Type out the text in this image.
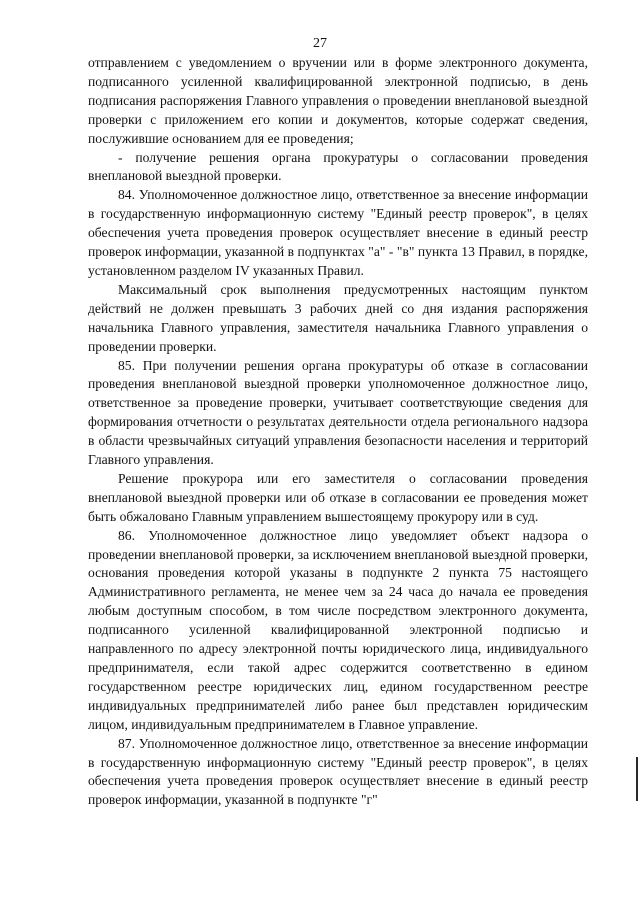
27

отправлением с уведомлением о вручении или в форме электронного документа, подписанного усиленной квалифицированной электронной подписью, в день подписания распоряжения Главного управления о проведении внеплановой выездной проверки с приложением его копии и документов, которые содержат сведения, послужившие основанием для ее проведения;

- получение решения органа прокуратуры о согласовании проведения внеплановой выездной проверки.

84. Уполномоченное должностное лицо, ответственное за внесение информации в государственную информационную систему "Единый реестр проверок", в целях обеспечения учета проведения проверок осуществляет внесение в единый реестр проверок информации, указанной в подпунктах "а" - "в" пункта 13 Правил, в порядке, установленном разделом IV указанных Правил.

Максимальный срок выполнения предусмотренных настоящим пунктом действий не должен превышать 3 рабочих дней со дня издания распоряжения начальника Главного управления, заместителя начальника Главного управления о проведении проверки.

85. При получении решения органа прокуратуры об отказе в согласовании проведения внеплановой выездной проверки уполномоченное должностное лицо, ответственное за проведение проверки, учитывает соответствующие сведения для формирования отчетности о результатах деятельности отдела регионального надзора в области чрезвычайных ситуаций управления безопасности населения и территорий Главного управления.

Решение прокурора или его заместителя о согласовании проведения внеплановой выездной проверки или об отказе в согласовании ее проведения может быть обжаловано Главным управлением вышестоящему прокурору или в суд.

86. Уполномоченное должностное лицо уведомляет объект надзора о проведении внеплановой проверки, за исключением внеплановой выездной проверки, основания проведения которой указаны в подпункте 2 пункта 75 настоящего Административного регламента, не менее чем за 24 часа до начала ее проведения любым доступным способом, в том числе посредством электронного документа, подписанного усиленной квалифицированной электронной подписью и направленного по адресу электронной почты юридического лица, индивидуального предпринимателя, если такой адрес содержится соответственно в едином государственном реестре юридических лиц, едином государственном реестре индивидуальных предпринимателей либо ранее был представлен юридическим лицом, индивидуальным предпринимателем в Главное управление.

87. Уполномоченное должностное лицо, ответственное за внесение информации в государственную информационную систему "Единый реестр проверок", в целях обеспечения учета проведения проверок осуществляет внесение в единый реестр проверок информации, указанной в подпункте "г"
